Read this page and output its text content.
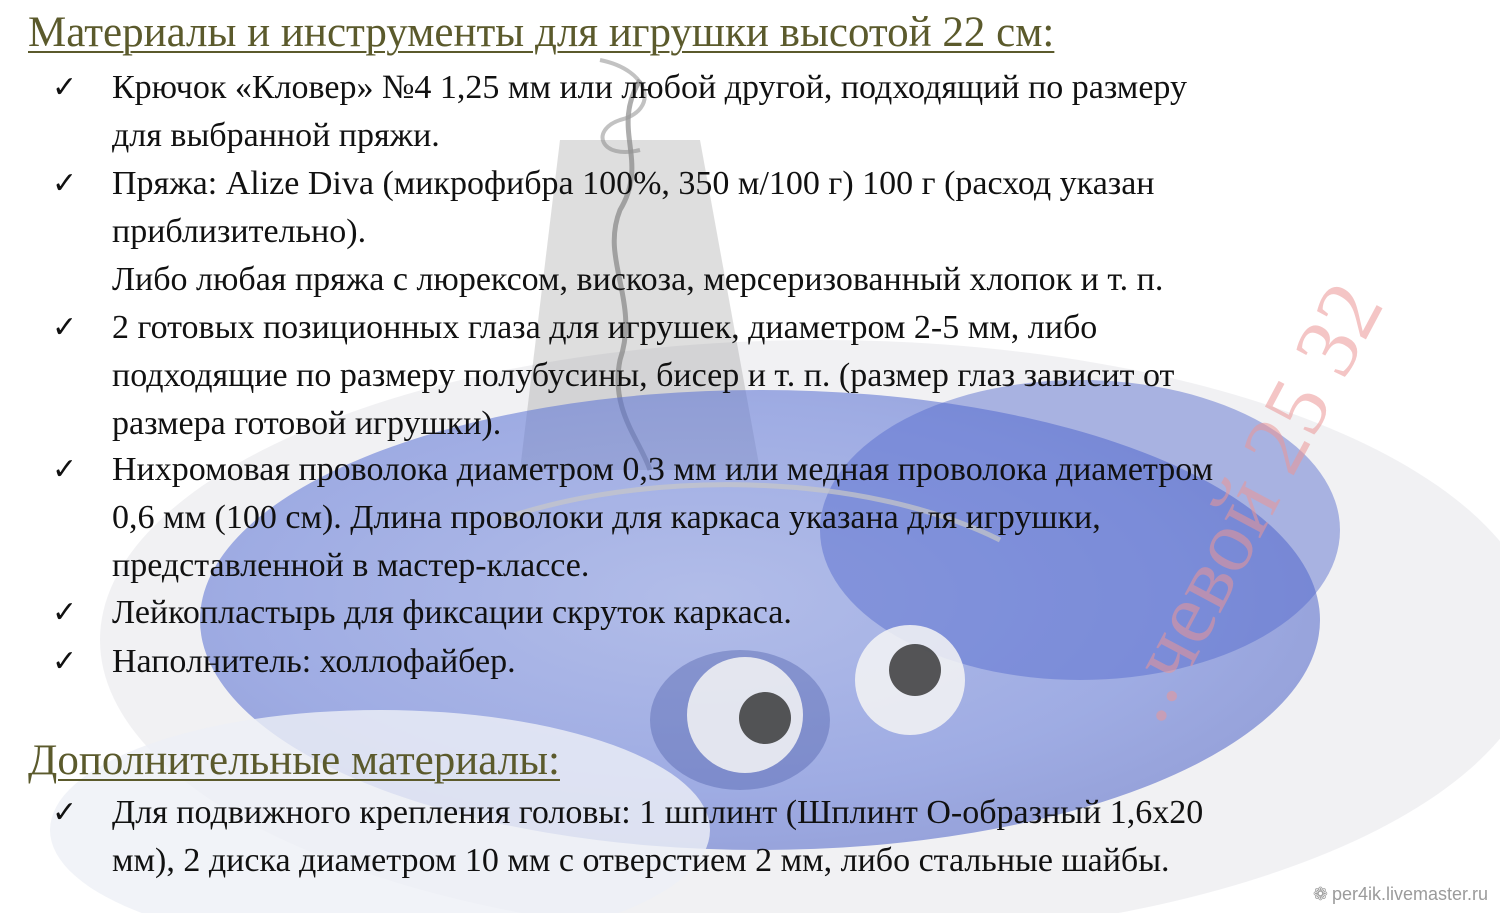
..чевой 25 32
Материалы и инструменты для игрушки высотой 22 см:
✓ Крючок «Кловер» №4 1,25 мм или любой другой, подходящий по размеру
для выбранной пряжи.
✓ Пряжа: Alize Diva (микрофибра 100%, 350 м/100 г) 100 г (расход указан
приблизительно).
Либо любая пряжа с люрексом, вискоза, мерсеризованный хлопок и т. п.
✓ 2 готовых позиционных глаза для игрушек, диаметром 2-5 мм, либо
подходящие по размеру полубусины, бисер и т. п. (размер глаз зависит от
размера готовой игрушки).
✓ Нихромовая проволока диаметром 0,3 мм или медная проволока диаметром
0,6 мм (100 см). Длина проволоки для каркаса указана для игрушки,
представленной в мастер-классе.
✓ Лейкопластырь для фиксации скруток каркаса.
✓ Наполнитель: холлофайбер.
Дополнительные материалы:
✓ Для подвижного крепления головы: 1 шплинт (Шплинт О-образный 1,6x20
мм), 2 диска диаметром 10 мм с отверстием 2 мм, либо стальные шайбы.
❁ per4ik.livemaster.ru
